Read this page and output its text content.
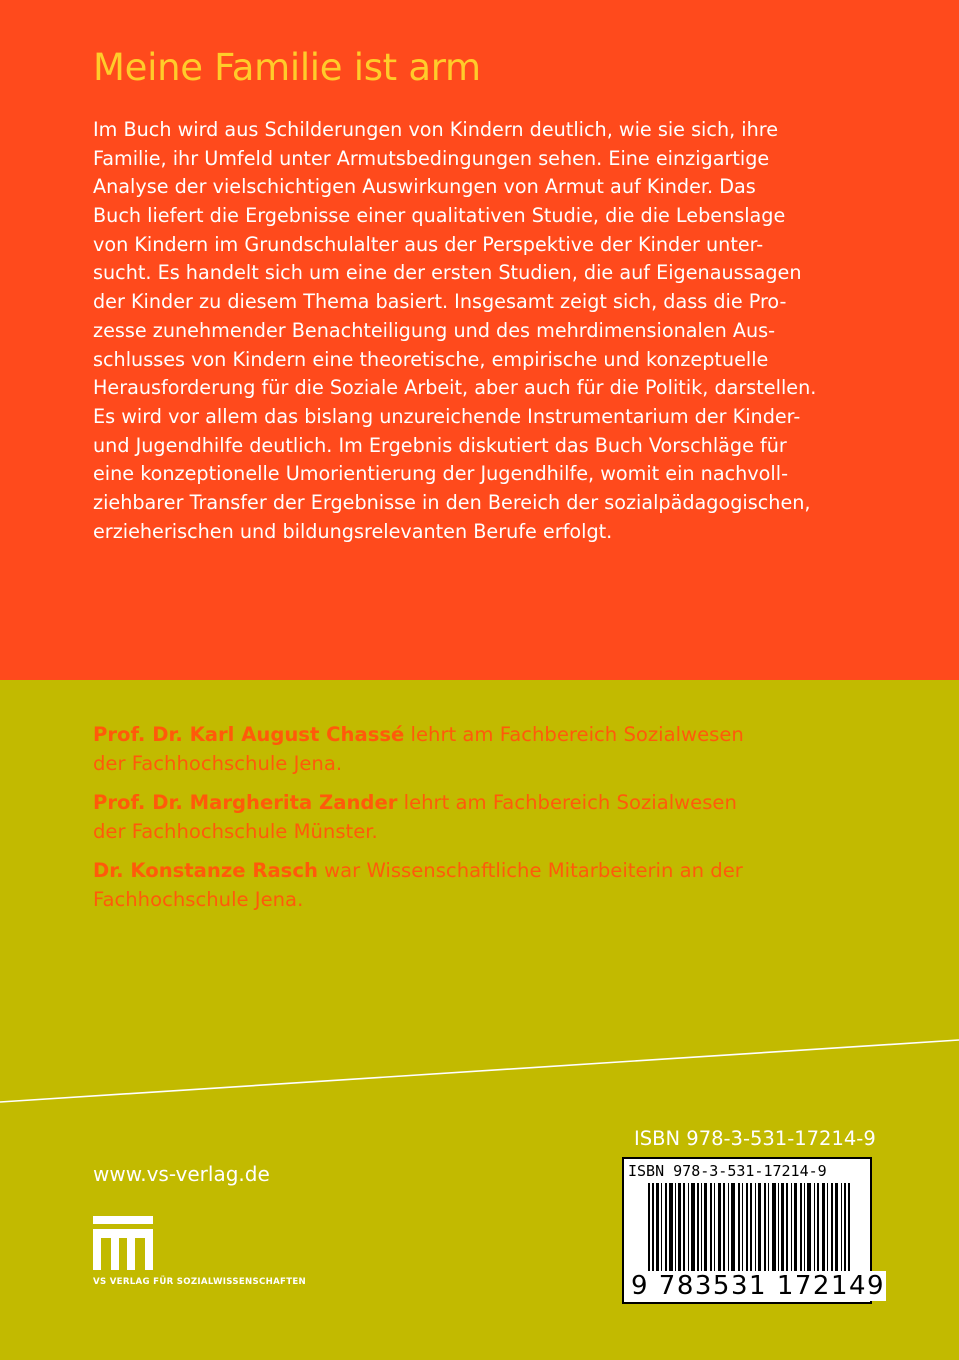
Meine Familie ist arm
Im Buch wird aus Schilderungen von Kindern deutlich, wie sie sich, ihre
Familie, ihr Umfeld unter Armutsbedingungen sehen. Eine einzigartige
Analyse der vielschichtigen Auswirkungen von Armut auf Kinder. Das
Buch liefert die Ergebnisse einer qualitativen Studie, die die Lebenslage
von Kindern im Grundschulalter aus der Perspektive der Kinder unter-
sucht. Es handelt sich um eine der ersten Studien, die auf Eigenaussagen
der Kinder zu diesem Thema basiert. Insgesamt zeigt sich, dass die Pro-
zesse zunehmender Benachteiligung und des mehrdimensionalen Aus-
schlusses von Kindern eine theoretische, empirische und konzeptuelle
Herausforderung für die Soziale Arbeit, aber auch für die Politik, darstellen.
Es wird vor allem das bislang unzureichende Instrumentarium der Kinder-
und Jugendhilfe deutlich. Im Ergebnis diskutiert das Buch Vorschläge für
eine konzeptionelle Umorientierung der Jugendhilfe, womit ein nachvoll-
ziehbarer Transfer der Ergebnisse in den Bereich der sozialpädagogischen,
erzieherischen und bildungsrelevanten Berufe erfolgt.
Prof. Dr. Karl August Chassé lehrt am Fachbereich Sozialwesen
der Fachhochschule Jena.
Prof. Dr. Margherita Zander lehrt am Fachbereich Sozialwesen
der Fachhochschule Münster.
Dr. Konstanze Rasch war Wissenschaftliche Mitarbeiterin an der
Fachhochschule Jena.
www.vs-verlag.de
VS VERLAG FÜR SOZIALWISSENSCHAFTEN
ISBN 978-3-531-17214-9
ISBN 978-3-531-17214-9
9 783531 172149
